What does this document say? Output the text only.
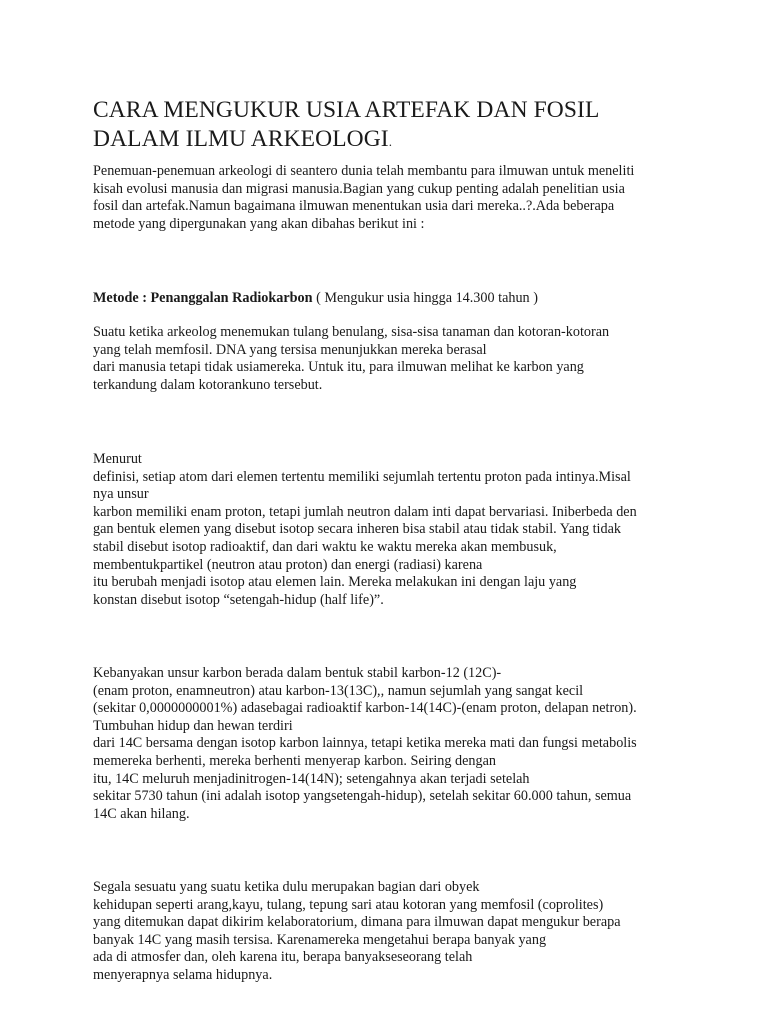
CARA MENGUKUR USIA ARTEFAK DAN FOSIL
DALAM ILMU ARKEOLOGI.
Penemuan-penemuan arkeologi di seantero dunia telah membantu para ilmuwan untuk meneliti
kisah evolusi manusia dan migrasi manusia.Bagian yang cukup penting adalah penelitian usia
fosil dan artefak.Namun bagaimana ilmuwan menentukan usia dari mereka..?.Ada beberapa
metode yang dipergunakan yang akan dibahas berikut ini :
Metode : Penanggalan Radiokarbon ( Mengukur usia hingga 14.300 tahun )
Suatu ketika arkeolog menemukan tulang benulang, sisa-sisa tanaman dan kotoran-kotoran
yang telah memfosil. DNA yang tersisa menunjukkan mereka berasal
dari manusia tetapi tidak usiamereka. Untuk itu, para ilmuwan melihat ke karbon yang
terkandung dalam kotorankuno tersebut.
Menurut
definisi, setiap atom dari elemen tertentu memiliki sejumlah tertentu proton pada intinya.Misal
nya unsur
karbon memiliki enam proton, tetapi jumlah neutron dalam inti dapat bervariasi. Iniberbeda den
gan bentuk elemen yang disebut isotop secara inheren bisa stabil atau tidak stabil. Yang tidak
stabil disebut isotop radioaktif, dan dari waktu ke waktu mereka akan membusuk,
membentukpartikel (neutron atau proton) dan energi (radiasi) karena
itu berubah menjadi isotop atau elemen lain. Mereka melakukan ini dengan laju yang
konstan disebut isotop “setengah-hidup (half life)”.
Kebanyakan unsur karbon berada dalam bentuk stabil karbon-12 (12C)-
(enam proton, enamneutron) atau karbon-13(13C),, namun sejumlah yang sangat kecil
(sekitar 0,0000000001%) adasebagai radioaktif karbon-14(14C)-(enam proton, delapan netron).
Tumbuhan hidup dan hewan terdiri
dari 14C bersama dengan isotop karbon lainnya, tetapi ketika mereka mati dan fungsi metabolis
memereka berhenti, mereka berhenti menyerap karbon. Seiring dengan
itu, 14C meluruh menjadinitrogen-14(14N); setengahnya akan terjadi setelah
sekitar 5730 tahun (ini adalah isotop yangsetengah-hidup), setelah sekitar 60.000 tahun, semua
14C akan hilang.
Segala sesuatu yang suatu ketika dulu merupakan bagian dari obyek
kehidupan seperti arang,kayu, tulang, tepung sari atau kotoran yang memfosil (coprolites)
yang ditemukan dapat dikirim kelaboratorium, dimana para ilmuwan dapat mengukur berapa
banyak 14C yang masih tersisa. Karenamereka mengetahui berapa banyak yang
ada di atmosfer dan, oleh karena itu, berapa banyakseseorang telah
menyerapnya selama hidupnya.
